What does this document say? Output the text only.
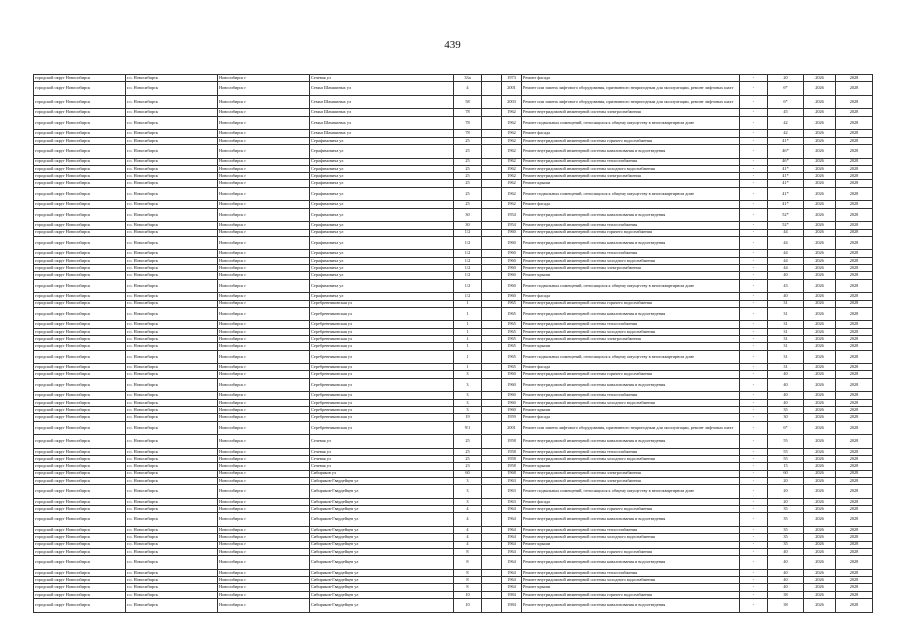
439
городской округ Новосибирск	г.о. Новосибирск	Новосибирск г	Сечевая ул	33а		1973	Ремонт фасада	-	20	2026	2028
городской округ Новосибирск	г.о. Новосибирск	Новосибирск г	Семьи Шамшиных ул	4		2001	Ремонт или замена лифтового оборудования, признанного непригодным для эксплуатации, ремонт лифтовых шахт	-	6*	2026	2028
городской округ Новосибирск	г.о. Новосибирск	Новосибирск г	Семьи Шамшиных ул	58		2003	Ремонт или замена лифтового оборудования, признанного непригодным для эксплуатации, ремонт лифтовых шахт	-	6*	2026	2028
городской округ Новосибирск	г.о. Новосибирск	Новосибирск г	Семьи Шамшиных ул	78		1962	Ремонт внутридомовой инженерной системы электроснабжения	-	45	2026	2028
городской округ Новосибирск	г.о. Новосибирск	Новосибирск г	Семьи Шамшиных ул	78		1962	Ремонт подвальных помещений, относящихся к общему имуществу в многоквартирном доме	-	42	2026	2028
городской округ Новосибирск	г.о. Новосибирск	Новосибирск г	Семьи Шамшиных ул	78		1962	Ремонт фасада	-	42	2026	2028
городской округ Новосибирск	г.о. Новосибирск	Новосибирск г	Серафимовича ул	25		1962	Ремонт внутридомовой инженерной системы горячего водоснабжения	-	41*	2026	2028
городской округ Новосибирск	г.о. Новосибирск	Новосибирск г	Серафимовича ул	25		1962	Ремонт внутридомовой инженерной системы канализования и водоотведения	-	46*	2026	2028
городской округ Новосибирск	г.о. Новосибирск	Новосибирск г	Серафимовича ул	25		1962	Ремонт внутридомовой инженерной системы теплоснабжения	-	46*	2026	2028
городской округ Новосибирск	г.о. Новосибирск	Новосибирск г	Серафимовича ул	25		1962	Ремонт внутридомовой инженерной системы холодного водоснабжения	-	41*	2026	2028
городской округ Новосибирск	г.о. Новосибирск	Новосибирск г	Серафимовича ул	25		1962	Ремонт внутридомовой инженерной системы электроснабжения	-	41*	2026	2028
городской округ Новосибирск	г.о. Новосибирск	Новосибирск г	Серафимовича ул	25		1962	Ремонт крыши	-	41*	2026	2028
городской округ Новосибирск	г.о. Новосибирск	Новосибирск г	Серафимовича ул	25		1962	Ремонт подвальных помещений, относящихся к общему имуществу в многоквартирном доме	-	41*	2026	2028
городской округ Новосибирск	г.о. Новосибирск	Новосибирск г	Серафимовича ул	25		1962	Ремонт фасада	-	41*	2026	2028
городской округ Новосибирск	г.о. Новосибирск	Новосибирск г	Серафимовича ул	30		1954	Ремонт внутридомовой инженерной системы канализования и водоотведения	-	52*	2026	2028
городской округ Новосибирск	г.о. Новосибирск	Новосибирск г	Серафимовича ул	30		1954	Ремонт внутридомовой инженерной системы теплоснабжения	-	52*	2026	2028
городской округ Новосибирск	г.о. Новосибирск	Новосибирск г	Серафимовича ул	1/2		1960	Ремонт внутридомовой инженерной системы горячего водоснабжения	-	44	2026	2028
городской округ Новосибирск	г.о. Новосибирск	Новосибирск г	Серафимовича ул	1/2		1960	Ремонт внутридомовой инженерной системы канализования и водоотведения	-	44	2026	2028
городской округ Новосибирск	г.о. Новосибирск	Новосибирск г	Серафимовича ул	1/2		1960	Ремонт внутридомовой инженерной системы теплоснабжения	-	44	2026	2028
городской округ Новосибирск	г.о. Новосибирск	Новосибирск г	Серафимовича ул	1/2		1960	Ремонт внутридомовой инженерной системы холодного водоснабжения	-	44	2026	2028
городской округ Новосибирск	г.о. Новосибирск	Новосибирск г	Серафимовича ул	1/2		1960	Ремонт внутридомовой инженерной системы электроснабжения	-	44	2026	2028
городской округ Новосибирск	г.о. Новосибирск	Новосибирск г	Серафимовича ул	1/2		1960	Ремонт крыши	-	40	2026	2028
городской округ Новосибирск	г.о. Новосибирск	Новосибирск г	Серафимовича ул	1/2		1960	Ремонт подвальных помещений, относящихся к общему имуществу в многоквартирном доме	-	43	2026	2028
городской округ Новосибирск	г.о. Новосибирск	Новосибирск г	Серафимовича ул	1/2		1960	Ремонт фасада	-	40	2026	2028
городской округ Новосибирск	г.о. Новосибирск	Новосибирск г	Серебренниковская ул	1		1965	Ремонт внутридомовой инженерной системы горячего водоснабжения	-	31	2026	2028
городской округ Новосибирск	г.о. Новосибирск	Новосибирск г	Серебренниковская ул	1		1965	Ремонт внутридомовой инженерной системы канализования и водоотведения	-	31	2026	2028
городской округ Новосибирск	г.о. Новосибирск	Новосибирск г	Серебренниковская ул	1		1965	Ремонт внутридомовой инженерной системы теплоснабжения	-	31	2026	2028
городской округ Новосибирск	г.о. Новосибирск	Новосибирск г	Серебренниковская ул	1		1965	Ремонт внутридомовой инженерной системы холодного водоснабжения	-	31	2026	2028
городской округ Новосибирск	г.о. Новосибирск	Новосибирск г	Серебренниковская ул	1		1965	Ремонт внутридомовой инженерной системы электроснабжения	-	31	2026	2028
городской округ Новосибирск	г.о. Новосибирск	Новосибирск г	Серебренниковская ул	1		1965	Ремонт крыши	-	31	2026	2028
городской округ Новосибирск	г.о. Новосибирск	Новосибирск г	Серебренниковская ул	1		1965	Ремонт подвальных помещений, относящихся к общему имуществу в многоквартирном доме	-	31	2026	2028
городской округ Новосибирск	г.о. Новосибирск	Новосибирск г	Серебренниковская ул	1		1965	Ремонт фасада	-	31	2026	2028
городской округ Новосибирск	г.о. Новосибирск	Новосибирск г	Серебренниковская ул	3		1960	Ремонт внутридомовой инженерной системы горячего водоснабжения	-	40	2026	2028
городской округ Новосибирск	г.о. Новосибирск	Новосибирск г	Серебренниковская ул	3		1960	Ремонт внутридомовой инженерной системы канализования и водоотведения	-	40	2026	2028
городской округ Новосибирск	г.о. Новосибирск	Новосибирск г	Серебренниковская ул	3		1960	Ремонт внутридомовой инженерной системы теплоснабжения	-	40	2026	2028
городской округ Новосибирск	г.о. Новосибирск	Новосибирск г	Серебренниковская ул	3		1960	Ремонт внутридомовой инженерной системы холодного водоснабжения	-	40	2026	2028
городской округ Новосибирск	г.о. Новосибирск	Новосибирск г	Серебренниковская ул	3		1960	Ремонт крыши	-	35	2026	2028
городской округ Новосибирск	г.о. Новосибирск	Новосибирск г	Серебренниковская ул	19		1959	Ремонт фасада	-	30	2026	2028
городской округ Новосибирск	г.о. Новосибирск	Новосибирск г	Серебренниковская ул	9/1		2001	Ремонт или замена лифтового оборудования, признанного непригодным для эксплуатации, ремонт лифтовых шахт	-	6*	2026	2028
городской округ Новосибирск	г.о. Новосибирск	Новосибирск г	Сечевая ул	25		1958	Ремонт внутридомовой инженерной системы канализования и водоотведения	-	55	2026	2028
городской округ Новосибирск	г.о. Новосибирск	Новосибирск г	Сечевая ул	25		1958	Ремонт внутридомовой инженерной системы теплоснабжения	-	55	2026	2028
городской округ Новосибирск	г.о. Новосибирск	Новосибирск г	Сечевая ул	25		1958	Ремонт внутридомовой инженерной системы холодного водоснабжения	-	55	2026	2028
городской округ Новосибирск	г.о. Новосибирск	Новосибирск г	Сечевая ул	23		1958	Ремонт крыши	-	15	2026	2028
городской округ Новосибирск	г.о. Новосибирск	Новосибирск г	Сибиряков ул	60		1968	Ремонт внутридомовой инженерной системы электроснабжения	-	60	2026	2028
городской округ Новосибирск	г.о. Новосибирск	Новосибирск г	Сибиряков-Гвардейцев ул	3		1963	Ремонт внутридомовой инженерной системы электроснабжения	-	20	2026	2028
городской округ Новосибирск	г.о. Новосибирск	Новосибирск г	Сибиряков-Гвардейцев ул	3		1963	Ремонт подвальных помещений, относящихся к общему имуществу в многоквартирном доме	-	20	2026	2028
городской округ Новосибирск	г.о. Новосибирск	Новосибирск г	Сибиряков-Гвардейцев ул	3		1963	Ремонт фасада	-	20	2026	2028
городской округ Новосибирск	г.о. Новосибирск	Новосибирск г	Сибиряков-Гвардейцев ул	4		1964	Ремонт внутридомовой инженерной системы горячего водоснабжения	-	35	2026	2028
городской округ Новосибирск	г.о. Новосибирск	Новосибирск г	Сибиряков-Гвардейцев ул	4		1964	Ремонт внутридомовой инженерной системы канализования и водоотведения	-	35	2026	2028
городской округ Новосибирск	г.о. Новосибирск	Новосибирск г	Сибиряков-Гвардейцев ул	4		1964	Ремонт внутридомовой инженерной системы теплоснабжения	-	35	2026	2028
городской округ Новосибирск	г.о. Новосибирск	Новосибирск г	Сибиряков-Гвардейцев ул	4		1964	Ремонт внутридомовой инженерной системы холодного водоснабжения	-	35	2026	2028
городской округ Новосибирск	г.о. Новосибирск	Новосибирск г	Сибиряков-Гвардейцев ул	4		1964	Ремонт крыши	-	35	2026	2028
городской округ Новосибирск	г.о. Новосибирск	Новосибирск г	Сибиряков-Гвардейцев ул	8		1964	Ремонт внутридомовой инженерной системы горячего водоснабжения	-	40	2026	2028
городской округ Новосибирск	г.о. Новосибирск	Новосибирск г	Сибиряков-Гвардейцев ул	8		1964	Ремонт внутридомовой инженерной системы канализования и водоотведения	-	40	2026	2028
городской округ Новосибирск	г.о. Новосибирск	Новосибирск г	Сибиряков-Гвардейцев ул	8		1964	Ремонт внутридомовой инженерной системы теплоснабжения	-	40	2026	2028
городской округ Новосибирск	г.о. Новосибирск	Новосибирск г	Сибиряков-Гвардейцев ул	8		1964	Ремонт внутридомовой инженерной системы холодного водоснабжения	-	40	2026	2028
городской округ Новосибирск	г.о. Новосибирск	Новосибирск г	Сибиряков-Гвардейцев ул	8		1964	Ремонт крыши	-	40	2026	2028
городской округ Новосибирск	г.о. Новосибирск	Новосибирск г	Сибиряков-Гвардейцев ул	10		1984	Ремонт внутридомовой инженерной системы горячего водоснабжения	-	38	2026	2028
городской округ Новосибирск	г.о. Новосибирск	Новосибирск г	Сибиряков-Гвардейцев ул	10		1984	Ремонт внутридомовой инженерной системы канализования и водоотведения	-	38	2026	2028
